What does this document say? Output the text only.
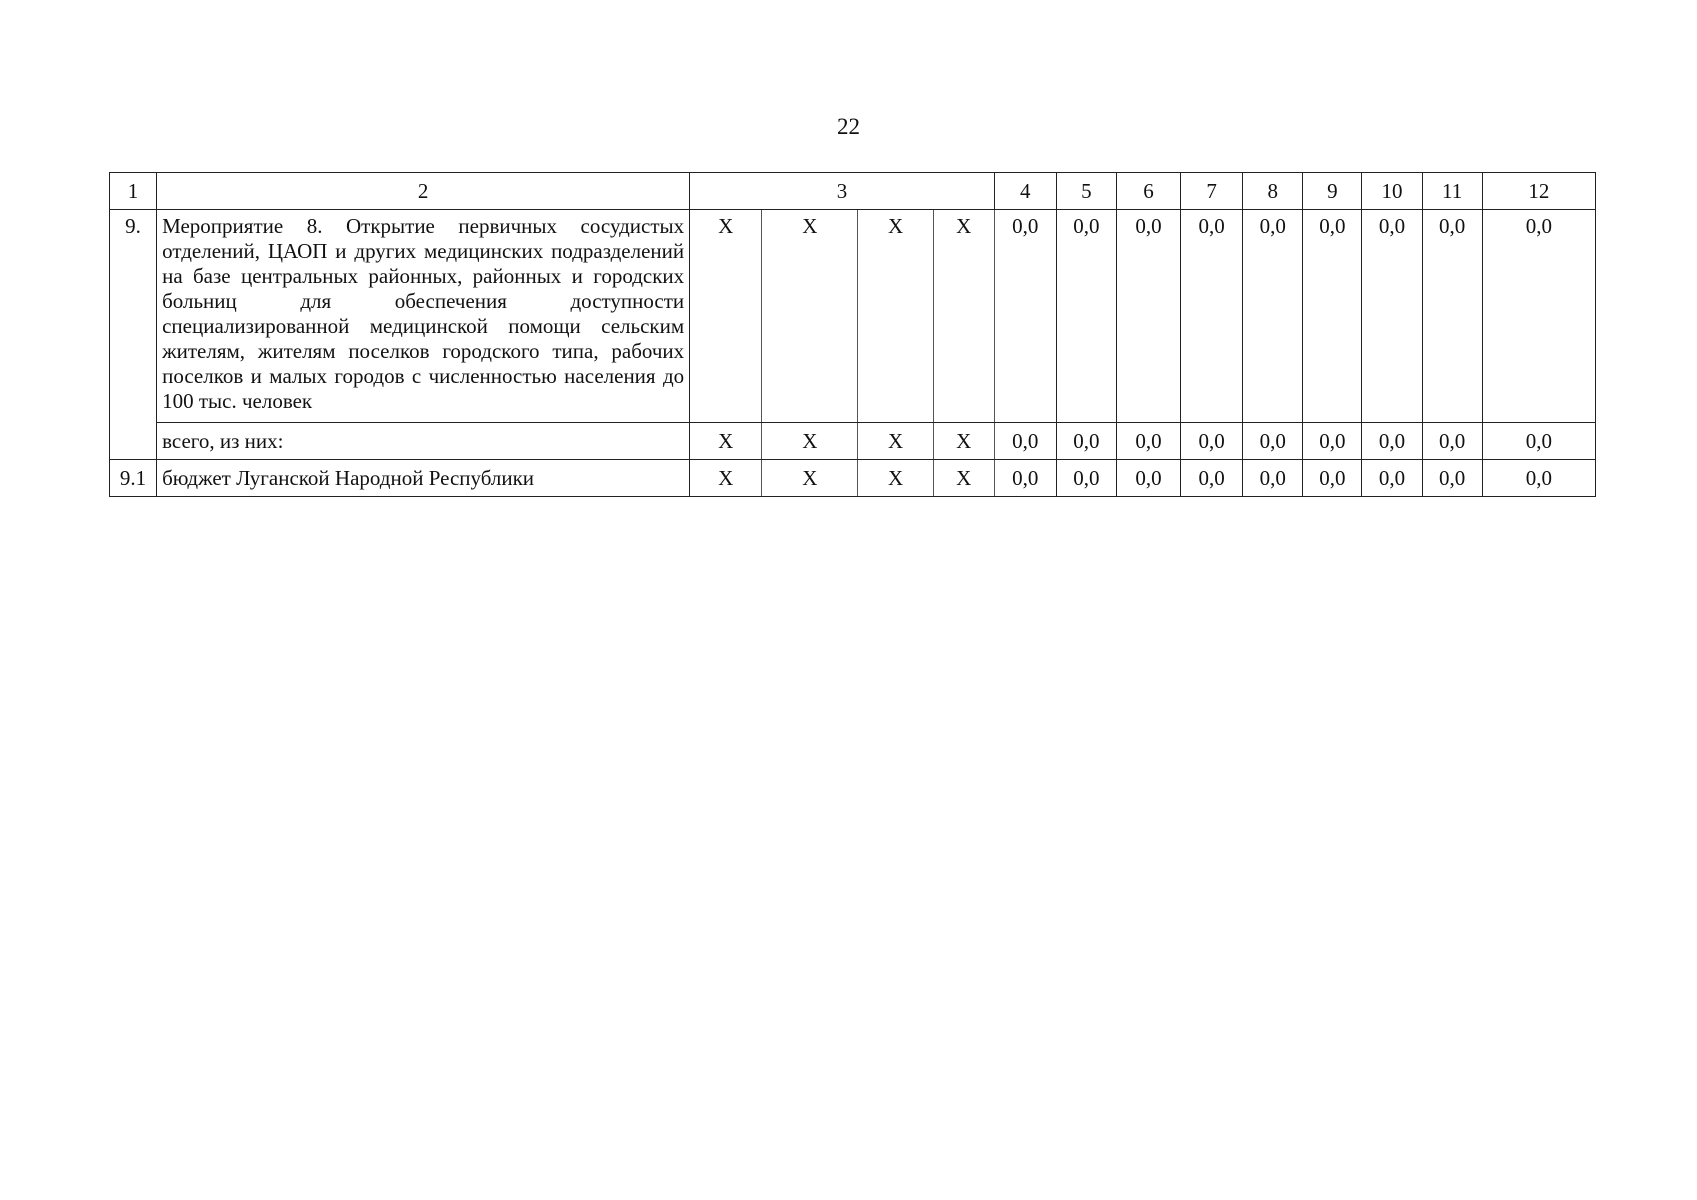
22
1	2	3				4	5	6	7	8	9	10	11	12
9.	Мероприятие 8. Открытие первичных сосудистых отделений, ЦАОП и других медицинских подразделений на базе центральных районных, районных и городских больниц для обеспечения доступности специализированной медицинской помощи сельским жителям, жителям поселков городского типа, рабочих поселков и малых городов с численностью населения до 100 тыс. человек	X	X	X	X	0,0	0,0	0,0	0,0	0,0	0,0	0,0	0,0	0,0
	всего, из них:	X	X	X	X	0,0	0,0	0,0	0,0	0,0	0,0	0,0	0,0	0,0
9.1	бюджет Луганской Народной Республики	X	X	X	X	0,0	0,0	0,0	0,0	0,0	0,0	0,0	0,0	0,0
